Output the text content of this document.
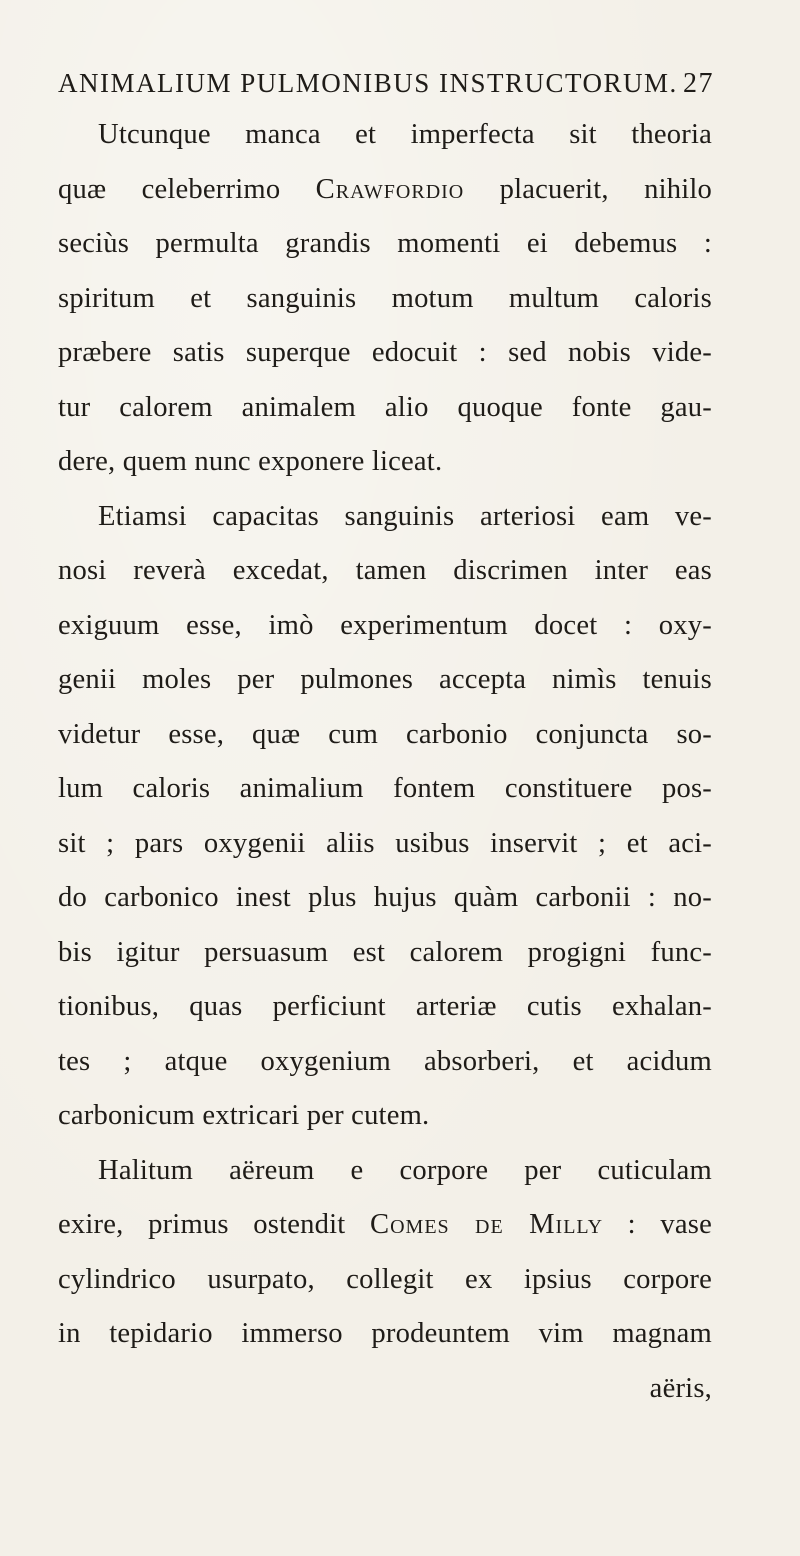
ANIMALIUM PULMONIBUS INSTRUCTORUM. 27
Utcunque manca et imperfecta sit theoria
quæ celeberrimo Crawfordio placuerit, nihilo
seciùs permulta grandis momenti ei debemus :
spiritum et sanguinis motum multum caloris
præbere satis superque edocuit : sed nobis vide-
tur calorem animalem alio quoque fonte gau-
dere, quem nunc exponere liceat.
Etiamsi capacitas sanguinis arteriosi eam ve-
nosi reverà excedat, tamen discrimen inter eas
exiguum esse, imò experimentum docet : oxy-
genii moles per pulmones accepta nimìs tenuis
videtur esse, quæ cum carbonio conjuncta so-
lum caloris animalium fontem constituere pos-
sit ; pars oxygenii aliis usibus inservit ; et aci-
do carbonico inest plus hujus quàm carbonii : no-
bis igitur persuasum est calorem progigni func-
tionibus, quas perficiunt arteriæ cutis exhalan-
tes ; atque oxygenium absorberi, et acidum
carbonicum extricari per cutem.
Halitum aëreum e corpore per cuticulam
exire, primus ostendit Comes de Milly : vase
cylindrico usurpato, collegit ex ipsius corpore
in tepidario immerso prodeuntem vim magnam
aëris,
